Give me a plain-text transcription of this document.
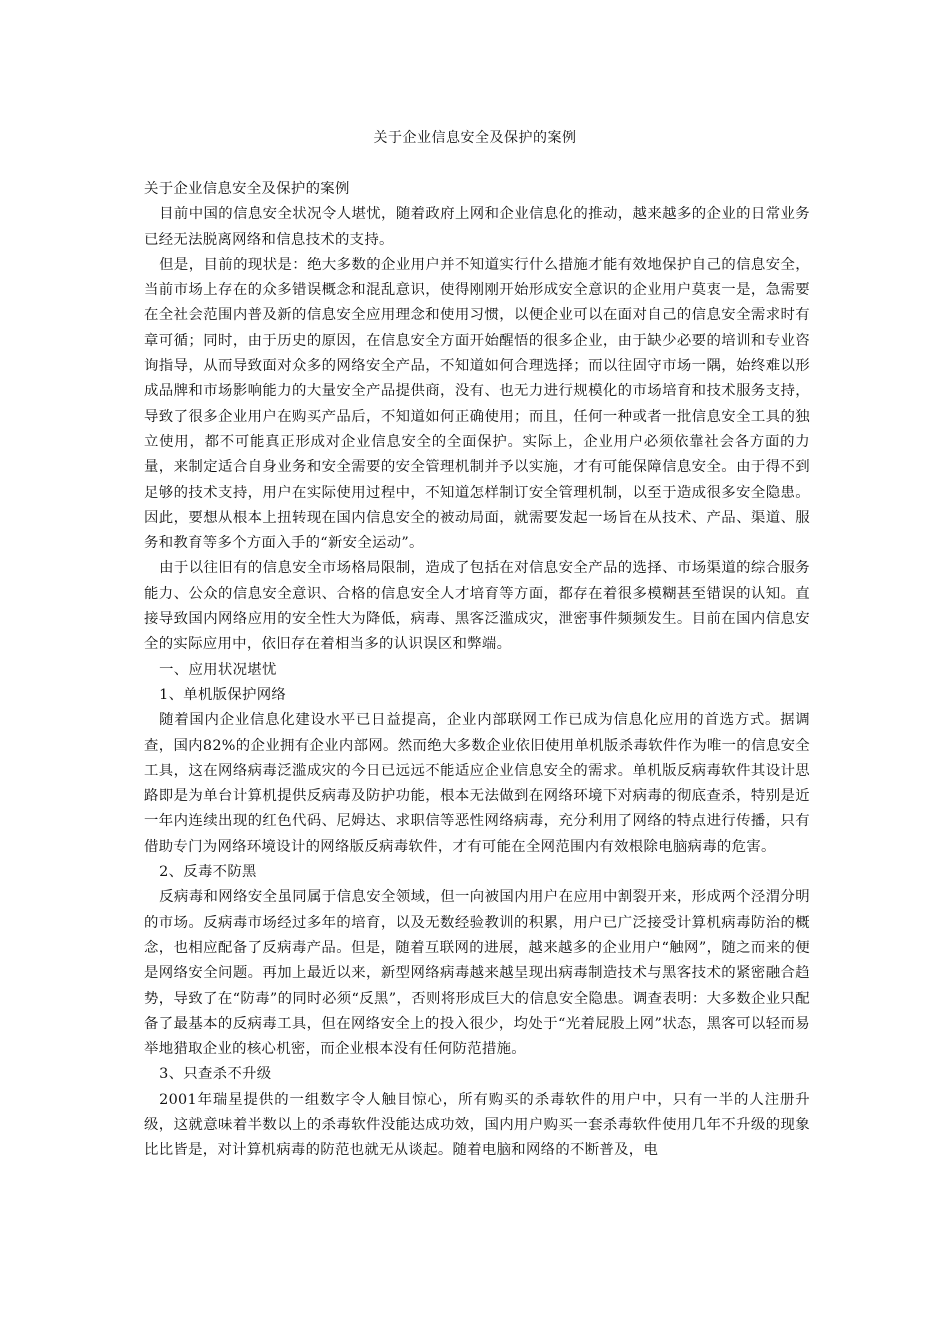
关于企业信息安全及保护的案例

关于企业信息安全及保护的案例

目前中国的信息安全状况令人堪忧，随着政府上网和企业信息化的推动，越来越多的企业的日常业务已经无法脱离网络和信息技术的支持。

但是，目前的现状是：绝大多数的企业用户并不知道实行什么措施才能有效地保护自己的信息安全，当前市场上存在的众多错误概念和混乱意识，使得刚刚开始形成安全意识的企业用户莫衷一是，急需要在全社会范围内普及新的信息安全应用理念和使用习惯，以便企业可以在面对自己的信息安全需求时有章可循；同时，由于历史的原因，在信息安全方面开始醒悟的很多企业，由于缺少必要的培训和专业咨询指导，从而导致面对众多的网络安全产品，不知道如何合理选择；而以往固守市场一隅，始终难以形成品牌和市场影响能力的大量安全产品提供商，没有、也无力进行规模化的市场培育和技术服务支持，导致了很多企业用户在购买产品后，不知道如何正确使用；而且，任何一种或者一批信息安全工具的独立使用，都不可能真正形成对企业信息安全的全面保护。实际上，企业用户必须依靠社会各方面的力量，来制定适合自身业务和安全需要的安全管理机制并予以实施，才有可能保障信息安全。由于得不到足够的技术支持，用户在实际使用过程中，不知道怎样制订安全管理机制，以至于造成很多安全隐患。 因此，要想从根本上扭转现在国内信息安全的被动局面，就需要发起一场旨在从技术、产品、渠道、服务和教育等多个方面入手的“新安全运动”。

由于以往旧有的信息安全市场格局限制，造成了包括在对信息安全产品的选择、市场渠道的综合服务能力、公众的信息安全意识、合格的信息安全人才培育等方面，都存在着很多模糊甚至错误的认知。直接导致国内网络应用的安全性大为降低，病毒、黑客泛滥成灾，泄密事件频频发生。目前在国内信息安全的实际应用中，依旧存在着相当多的认识误区和弊端。

一、应用状况堪忧

1、单机版保护网络

随着国内企业信息化建设水平已日益提高，企业内部联网工作已成为信息化应用的首选方式。据调查，国内82%的企业拥有企业内部网。然而绝大多数企业依旧使用单机版杀毒软件作为唯一的信息安全工具，这在网络病毒泛滥成灾的今日已远远不能适应企业信息安全的需求。单机版反病毒软件其设计思路即是为单台计算机提供反病毒及防护功能，根本无法做到在网络环境下对病毒的彻底查杀，特别是近一年内连续出现的红色代码、尼姆达、求职信等恶性网络病毒，充分利用了网络的特点进行传播，只有借助专门为网络环境设计的网络版反病毒软件，才有可能在全网范围内有效根除电脑病毒的危害。

2、反毒不防黑

反病毒和网络安全虽同属于信息安全领域，但一向被国内用户在应用中割裂开来，形成两个泾渭分明的市场。反病毒市场经过多年的培育，以及无数经验教训的积累，用户已广泛接受计算机病毒防治的概念，也相应配备了反病毒产品。但是，随着互联网的进展，越来越多的企业用户“触网”，随之而来的便是网络安全问题。再加上最近以来，新型网络病毒越来越呈现出病毒制造技术与黑客技术的紧密融合趋势，导致了在“防毒”的同时必须“反黑”，否则将形成巨大的信息安全隐患。调查表明：大多数企业只配备了最基本的反病毒工具，但在网络安全上的投入很少，均处于“光着屁股上网”状态，黑客可以轻而易举地猎取企业的核心机密，而企业根本没有任何防范措施。

3、只查杀不升级

2001年瑞星提供的一组数字令人触目惊心，所有购买的杀毒软件的用户中，只有一半的人注册升级，这就意味着半数以上的杀毒软件没能达成功效，国内用户购买一套杀毒软件使用几年不升级的现象比比皆是，对计算机病毒的防范也就无从谈起。随着电脑和网络的不断普及，电
